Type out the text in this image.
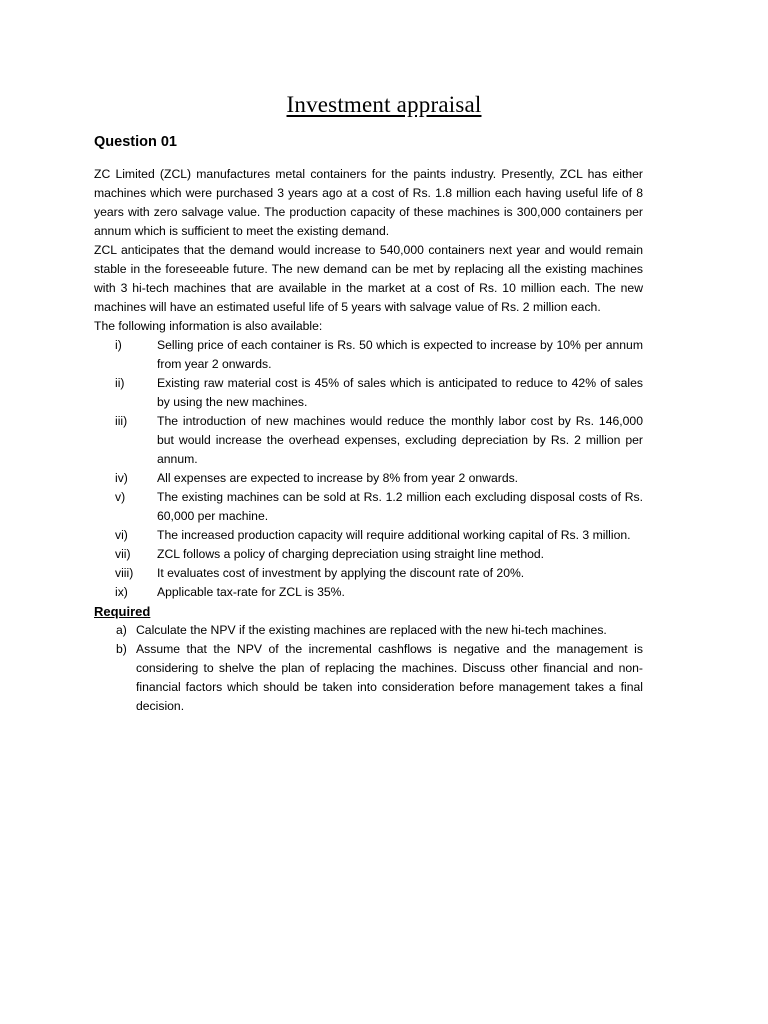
Investment appraisal
Question 01

ZC Limited (ZCL) manufactures metal containers for the paints industry. Presently, ZCL has either machines which were purchased 3 years ago at a cost of Rs. 1.8 million each having useful life of 8 years with zero salvage value. The production capacity of these machines is 300,000 containers per annum which is sufficient to meet the existing demand.

ZCL anticipates that the demand would increase to 540,000 containers next year and would remain stable in the foreseeable future. The new demand can be met by replacing all the existing machines with 3 hi-tech machines that are available in the market at a cost of Rs. 10 million each. The new machines will have an estimated useful life of 5 years with salvage value of Rs. 2 million each.

The following information is also available:

i)	Selling price of each container is Rs. 50 which is expected to increase by 10% per annum from year 2 onwards.
ii)	Existing raw material cost is 45% of sales which is anticipated to reduce to 42% of sales by using the new machines.
iii)	The introduction of new machines would reduce the monthly labor cost by Rs. 146,000 but would increase the overhead expenses, excluding depreciation by Rs. 2 million per annum.
iv)	All expenses are expected to increase by 8% from year 2 onwards.
v)	The existing machines can be sold at Rs. 1.2 million each excluding disposal costs of Rs. 60,000 per machine.
vi)	The increased production capacity will require additional working capital of Rs. 3 million.
vii)	ZCL follows a policy of charging depreciation using straight line method.
viii)	It evaluates cost of investment by applying the discount rate of 20%.
ix)	Applicable tax-rate for ZCL is 35%.

Required

a) Calculate the NPV if the existing machines are replaced with the new hi-tech machines.
b) Assume that the NPV of the incremental cashflows is negative and the management is considering to shelve the plan of replacing the machines. Discuss other financial and non-financial factors which should be taken into consideration before management takes a final decision.
